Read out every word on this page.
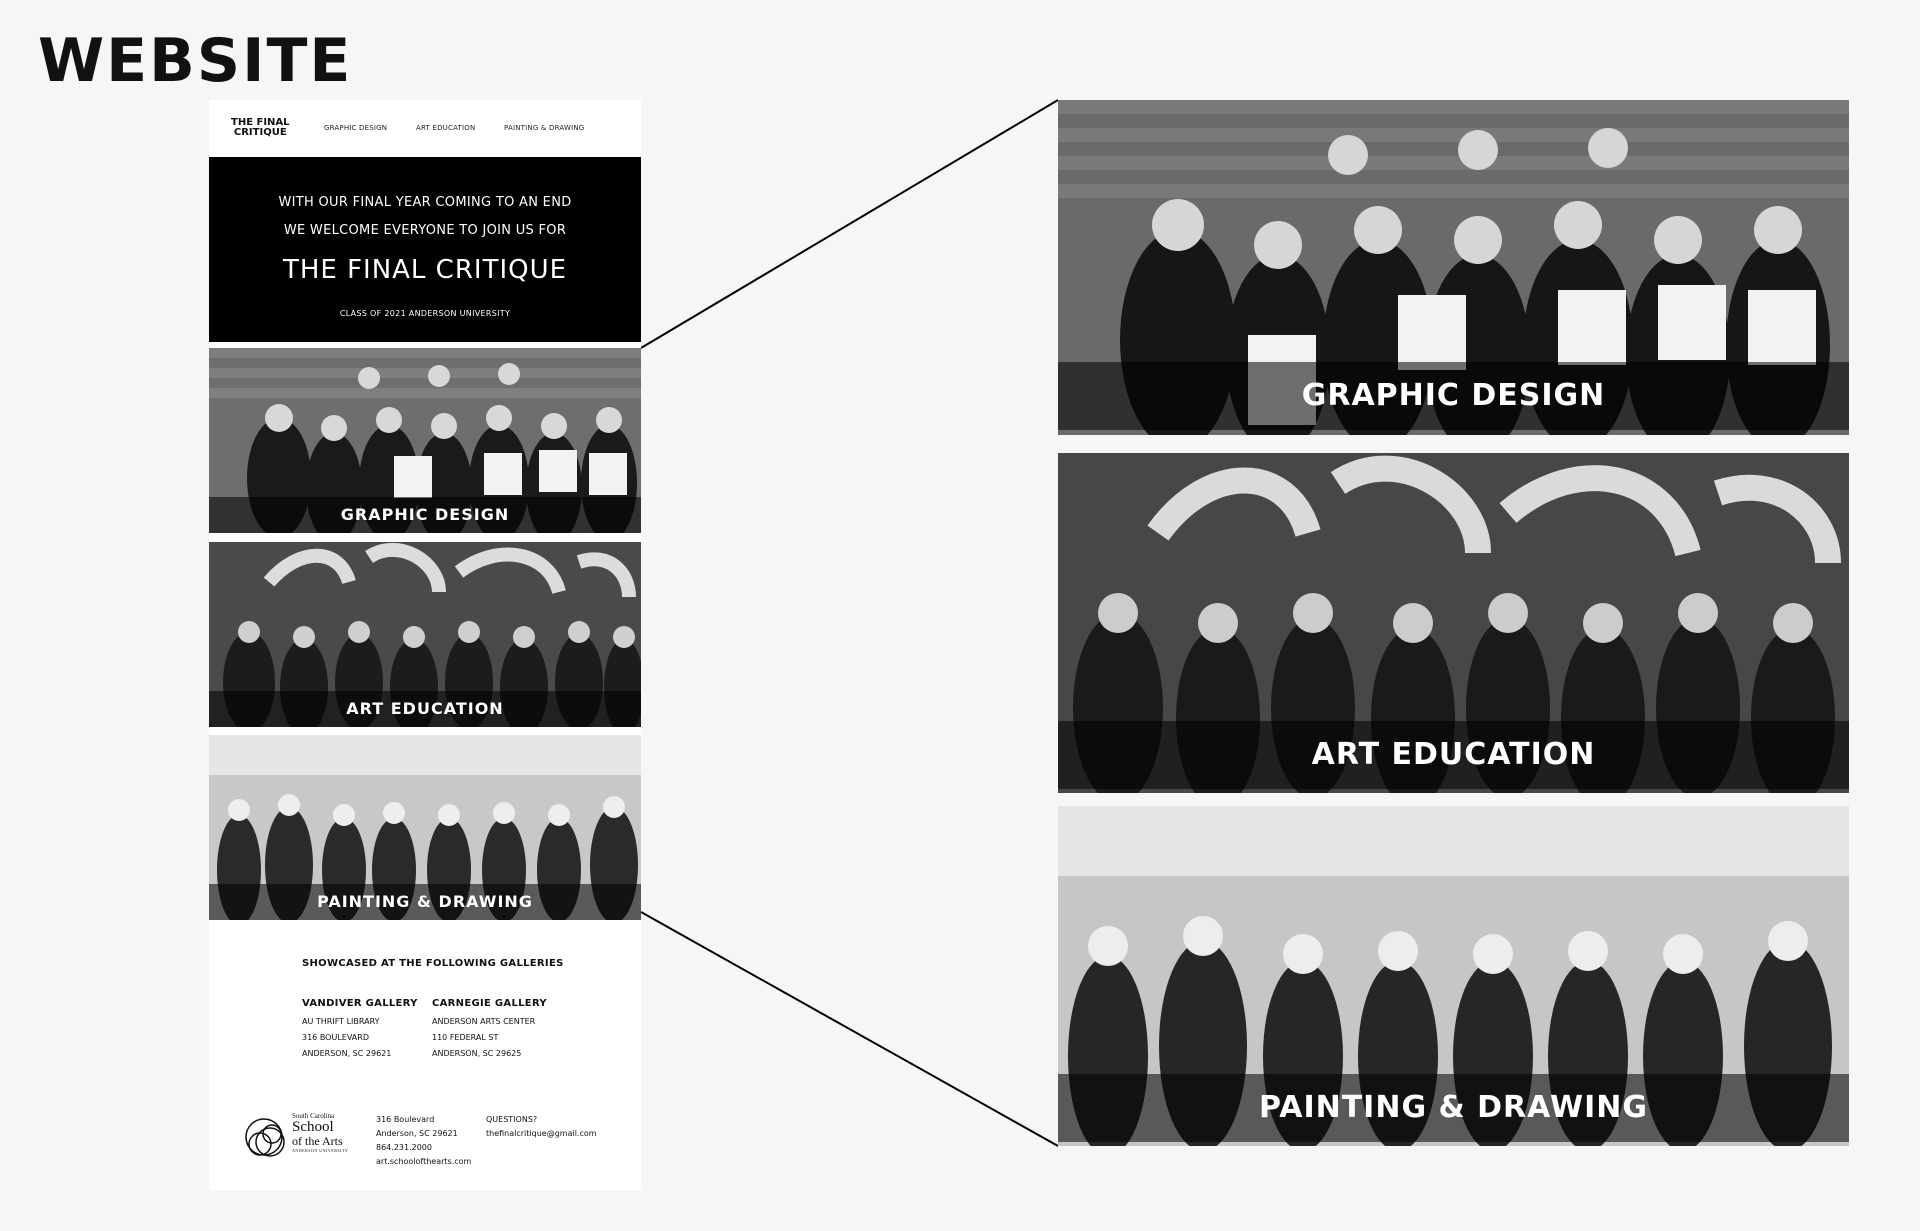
WEBSITE
THE FINAL
CRITIQUE	GRAPHIC DESIGN	ART EDUCATION	PAINTING & DRAWING
WITH OUR FINAL YEAR COMING TO AN END
WE WELCOME EVERYONE TO JOIN US FOR
THE FINAL CRITIQUE
CLASS OF 2021 ANDERSON UNIVERSITY
GRAPHIC DESIGN
ART EDUCATION
PAINTING & DRAWING

SHOWCASED AT THE FOLLOWING GALLERIES

VANDIVER GALLERY
AU THRIFT LIBRARY
316 BOULEVARD
ANDERSON, SC 29621
CARNEGIE GALLERY
ANDERSON ARTS CENTER
110 FEDERAL ST
ANDERSON, SC 29625
South Carolina
School
of the Arts
ANDERSON UNIVERSITY
316 Boulevard
Anderson, SC 29621
864.231.2000
art.schoolofthearts.com
QUESTIONS?
thefinalcritique@gmail.com
GRAPHIC DESIGN
ART EDUCATION
PAINTING & DRAWING
